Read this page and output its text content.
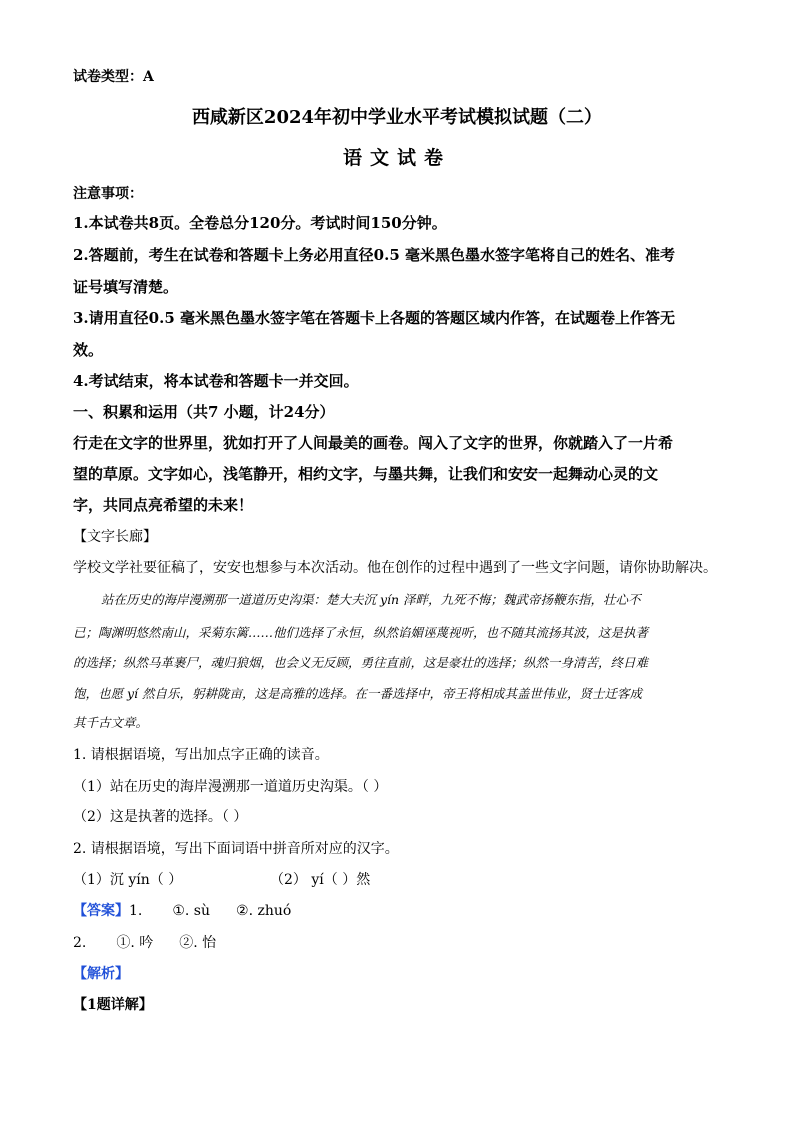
试卷类型：A
西咸新区2024年初中学业水平考试模拟试题（二）
语文试卷
注意事项：
1.本试卷共8页。全卷总分120分。考试时间150分钟。
2.答题前，考生在试卷和答题卡上务必用直径0.5 毫米黑色墨水签字笔将自己的姓名、准考
证号填写清楚。
3.请用直径0.5 毫米黑色墨水签字笔在答题卡上各题的答题区域内作答，在试题卷上作答无
效。
4.考试结束，将本试卷和答题卡一并交回。
一、积累和运用（共7 小题，计24分）
行走在文字的世界里，犹如打开了人间最美的画卷。闯入了文字的世界，你就踏入了一片希
望的草原。文字如心，浅笔静开，相约文字，与墨共舞，让我们和安安一起舞动心灵的文
字，共同点亮希望的未来！
【文字长廊】
学校文学社要征稿了，安安也想参与本次活动。他在创作的过程中遇到了一些文字问题，请你协助解决。
站在历史的海岸漫溯那一道道历史沟渠：楚大夫沉 yín 泽畔，九死不悔；魏武帝扬鞭东指，壮心不
已；陶渊明悠然南山，采菊东篱……他们选择了永恒，纵然谄媚诬蔑视听，也不随其流扬其波，这是执著
的选择；纵然马革裹尸，魂归狼烟，也会义无反顾，勇往直前，这是豪壮的选择；纵然一身清苦，终日难
饱，也愿 yí 然自乐，躬耕陇亩，这是高雅的选择。在一番选择中，帝王将相成其盖世伟业，贤士迁客成
其千古文章。
1. 请根据语境，写出加点字正确的读音。
（1）站在历史的海岸漫溯那一道道历史沟渠。（ ）
（2）这是执著的选择。（ ）
2. 请根据语境，写出下面词语中拼音所对应的汉字。
（1）沉 yín（ ）	（2） yí（ ）然
【答案】1. ①. sù ②. zhuó
2. ①. 吟 ②. 怡
【解析】
【1题详解】
